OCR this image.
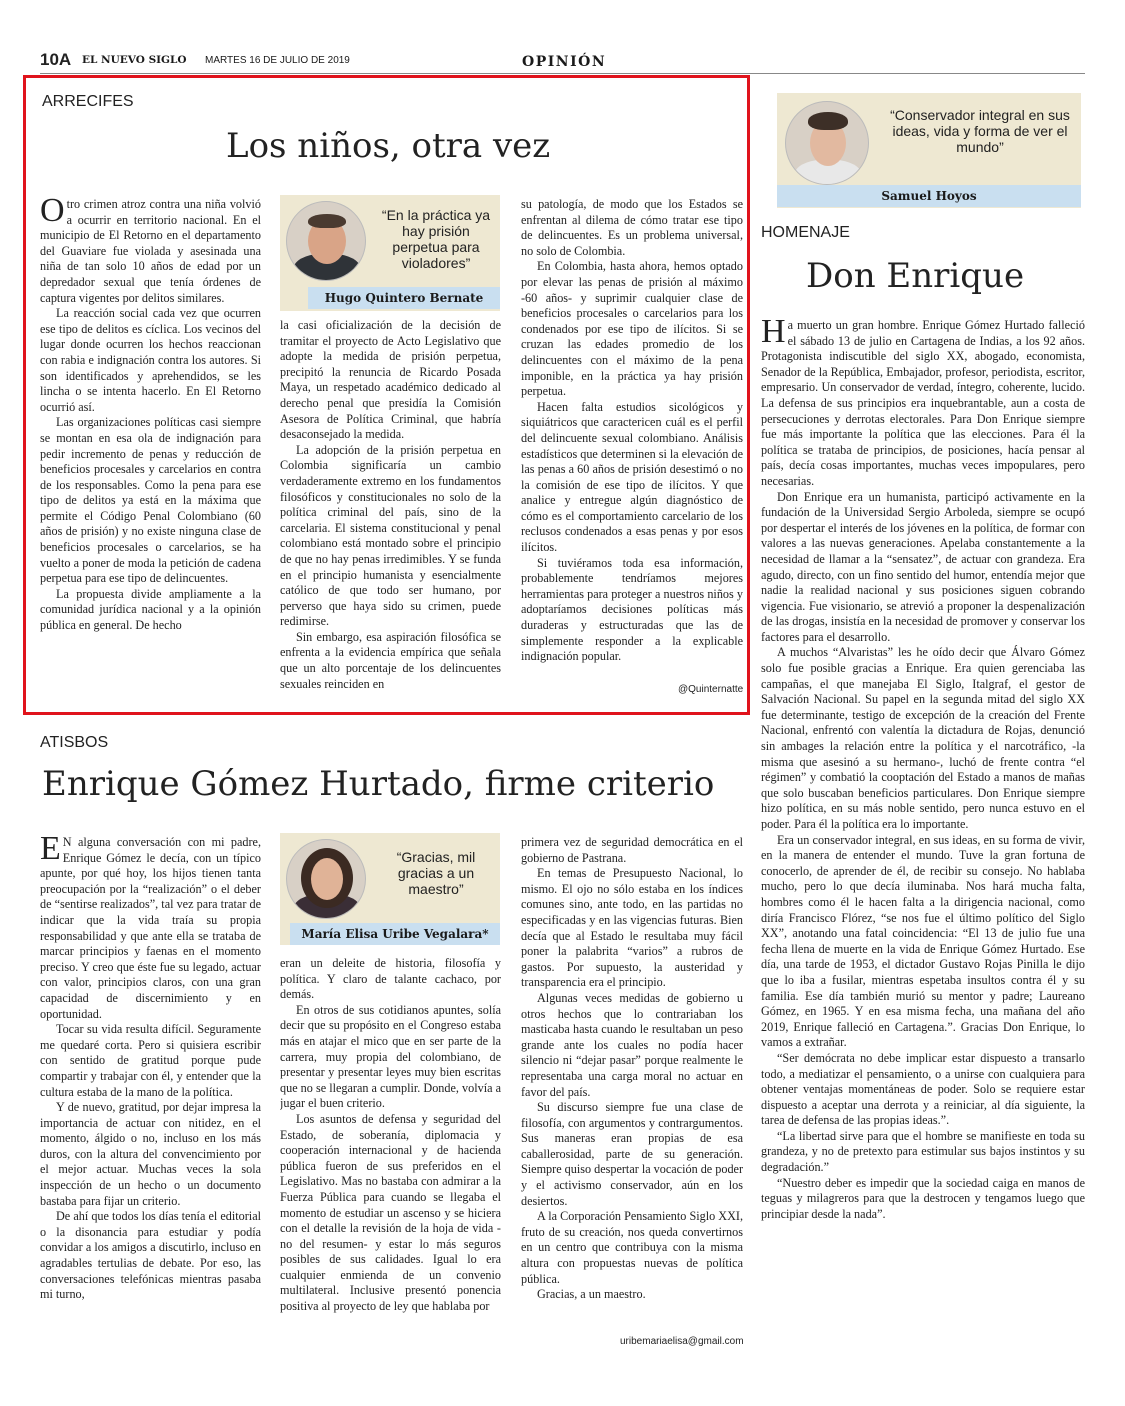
10A EL NUEVO SIGLO MARTES 16 DE JULIO DE 2019	OPINIÓN
ARRECIFES
Los niños, otra vez

Otro crimen atroz contra una niña volvió a ocurrir en territorio nacional. En el municipio de El Retorno en el departamento del Guaviare fue violada y asesinada una niña de tan solo 10 años de edad por un depredador sexual que tenía órdenes de captura vigentes por delitos similares.

La reacción social cada vez que ocurren ese tipo de delitos es cíclica. Los vecinos del lugar donde ocurren los hechos reaccionan con rabia e indignación contra los autores. Si son identificados y aprehendidos, se les lincha o se intenta hacerlo. En El Retorno ocurrió así.

Las organizaciones políticas casi siempre se montan en esa ola de indignación para pedir incremento de penas y reducción de beneficios procesales y carcelarios en contra de los responsables. Como la pena para ese tipo de delitos ya está en la máxima que permite el Código Penal Colombiano (60 años de prisión) y no existe ninguna clase de beneficios procesales o carcelarios, se ha vuelto a poner de moda la petición de cadena perpetua para ese tipo de delincuentes.

La propuesta divide ampliamente a la comunidad jurídica nacional y a la opinión pública en general. De hecho

“En la práctica ya hay prisión perpetua para violadores”
Hugo Quintero Bernate

la casi oficialización de la decisión de tramitar el proyecto de Acto Legislativo que adopte la medida de prisión perpetua, precipitó la renuncia de Ricardo Posada Maya, un respetado académico dedicado al derecho penal que presidía la Comisión Asesora de Política Criminal, que habría desaconsejado la medida.

La adopción de la prisión perpetua en Colombia significaría un cambio verdaderamente extremo en los fundamentos filosóficos y constitucionales no solo de la política criminal del país, sino de la carcelaria. El sistema constitucional y penal colombiano está montado sobre el principio de que no hay penas irredimibles. Y se funda en el principio humanista y esencialmente católico de que todo ser humano, por perverso que haya sido su crimen, puede redimirse.

Sin embargo, esa aspiración filosófica se enfrenta a la evidencia empírica que señala que un alto porcentaje de los delincuentes sexuales reinciden en

su patología, de modo que los Estados se enfrentan al dilema de cómo tratar ese tipo de delincuentes. Es un problema universal, no solo de Colombia.

En Colombia, hasta ahora, hemos optado por elevar las penas de prisión al máximo -60 años- y suprimir cualquier clase de beneficios procesales o carcelarios para los condenados por ese tipo de ilícitos. Si se cruzan las edades promedio de los delincuentes con el máximo de la pena imponible, en la práctica ya hay prisión perpetua.

Hacen falta estudios sicológicos y siquiátricos que caractericen cuál es el perfil del delincuente sexual colombiano. Análisis estadísticos que determinen si la elevación de las penas a 60 años de prisión desestimó o no la comisión de ese tipo de ilícitos. Y que analice y entregue algún diagnóstico de cómo es el comportamiento carcelario de los reclusos condenados a esas penas y por esos ilícitos.

Si tuviéramos toda esa información, probablemente tendríamos mejores herramientas para proteger a nuestros niños y adoptaríamos decisiones políticas más duraderas y estructuradas que las de simplemente responder a la explicable indignación popular.

@Quinternatte
ATISBOS
Enrique Gómez Hurtado, firme criterio

E N alguna conversación con mi padre, Enrique Gómez le decía, con un típico apunte, por qué hoy, los hijos tienen tanta preocupación por la “realización” o el deber de “sentirse realizados”, tal vez para tratar de indicar que la vida traía su propia responsabilidad y que ante ella se trataba de marcar principios y faenas en el momento preciso. Y creo que éste fue su legado, actuar con valor, principios claros, con una gran capacidad de discernimiento y en oportunidad.

Tocar su vida resulta difícil. Seguramente me quedaré corta. Pero si quisiera escribir con sentido de gratitud porque pude compartir y trabajar con él, y entender que la cultura estaba de la mano de la política.

Y de nuevo, gratitud, por dejar impresa la importancia de actuar con nitidez, en el momento, álgido o no, incluso en los más duros, con la altura del convencimiento por el mejor actuar. Muchas veces la sola inspección de un hecho o un documento bastaba para fijar un criterio.

De ahí que todos los días tenía el editorial o la disonancia para estudiar y podía convidar a los amigos a discutirlo, incluso en agradables tertulias de debate. Por eso, las conversaciones telefónicas mientras pasaba mi turno,

“Gracias, mil gracias a un maestro”
María Elisa Uribe Vegalara*

eran un deleite de historia, filosofía y política. Y claro de talante cachaco, por demás.

En otros de sus cotidianos apuntes, solía decir que su propósito en el Congreso estaba más en atajar el mico que en ser parte de la carrera, muy propia del colombiano, de presentar y presentar leyes muy bien escritas que no se llegaran a cumplir. Donde, volvía a jugar el buen criterio.

Los asuntos de defensa y seguridad del Estado, de soberanía, diplomacia y cooperación internacional y de hacienda pública fueron de sus preferidos en el Legislativo. Mas no bastaba con admirar a la Fuerza Pública para cuando se llegaba el momento de estudiar un ascenso y se hiciera con el detalle la revisión de la hoja de vida -no del resumen- y estar lo más seguros posibles de sus calidades. Igual lo era cualquier enmienda de un convenio multilateral. Inclusive presentó ponencia positiva al proyecto de ley que hablaba por

primera vez de seguridad democrática en el gobierno de Pastrana.

En temas de Presupuesto Nacional, lo mismo. El ojo no sólo estaba en los índices comunes sino, ante todo, en las partidas no especificadas y en las vigencias futuras. Bien decía que al Estado le resultaba muy fácil poner la palabrita “varios” a rubros de gastos. Por supuesto, la austeridad y transparencia era el principio.

Algunas veces medidas de gobierno u otros hechos que lo contrariaban los masticaba hasta cuando le resultaban un peso grande ante los cuales no podía hacer silencio ni “dejar pasar” porque realmente le representaba una carga moral no actuar en favor del país.

Su discurso siempre fue una clase de filosofía, con argumentos y contrargumentos. Sus maneras eran propias de esa caballerosidad, parte de su generación. Siempre quiso despertar la vocación de poder y el activismo conservador, aún en los desiertos.

A la Corporación Pensamiento Siglo XXI, fruto de su creación, nos queda convertirnos en un centro que contribuya con la misma altura con propuestas nuevas de política pública.

Gracias, a un maestro.

uribemariaelisa@gmail.com
“Conservador integral en sus ideas, vida y forma de ver el mundo”
Samuel Hoyos
HOMENAJE
Don Enrique

Ha muerto un gran hombre. Enrique Gómez Hurtado falleció el sábado 13 de julio en Cartagena de Indias, a los 92 años. Protagonista indiscutible del siglo XX, abogado, economista, Senador de la República, Embajador, profesor, periodista, escritor, empresario. Un conservador de verdad, íntegro, coherente, lucido. La defensa de sus principios era inquebrantable, aun a costa de persecuciones y derrotas electorales. Para Don Enrique siempre fue más importante la política que las elecciones. Para él la política se trataba de principios, de posiciones, hacía pensar al país, decía cosas importantes, muchas veces impopulares, pero necesarias.

Don Enrique era un humanista, participó activamente en la fundación de la Universidad Sergio Arboleda, siempre se ocupó por despertar el interés de los jóvenes en la política, de formar con valores a las nuevas generaciones. Apelaba constantemente a la necesidad de llamar a la “sensatez”, de actuar con grandeza. Era agudo, directo, con un fino sentido del humor, entendía mejor que nadie la realidad nacional y sus posiciones siguen cobrando vigencia. Fue visionario, se atrevió a proponer la despenalización de las drogas, insistía en la necesidad de promover y conservar los factores para el desarrollo.

A muchos “Alvaristas” les he oído decir que Álvaro Gómez solo fue posible gracias a Enrique. Era quien gerenciaba las campañas, el que manejaba El Siglo, Italgraf, el gestor de Salvación Nacional. Su papel en la segunda mitad del siglo XX fue determinante, testigo de excepción de la creación del Frente Nacional, enfrentó con valentía la dictadura de Rojas, denunció sin ambages la relación entre la política y el narcotráfico, -la misma que asesinó a su hermano-, luchó de frente contra “el régimen” y combatió la cooptación del Estado a manos de mañas que solo buscaban beneficios particulares. Don Enrique siempre hizo política, en su más noble sentido, pero nunca estuvo en el poder. Para él la política era lo importante.

Era un conservador integral, en sus ideas, en su forma de vivir, en la manera de entender el mundo. Tuve la gran fortuna de conocerlo, de aprender de él, de recibir su consejo. No hablaba mucho, pero lo que decía iluminaba. Nos hará mucha falta, hombres como él le hacen falta a la dirigencia nacional, como diría Francisco Flórez, “se nos fue el último político del Siglo XX”, anotando una fatal coincidencia: “El 13 de julio fue una fecha llena de muerte en la vida de Enrique Gómez Hurtado. Ese día, una tarde de 1953, el dictador Gustavo Rojas Pinilla le dijo que lo iba a fusilar, mientras espetaba insultos contra él y su familia. Ese día también murió su mentor y padre; Laureano Gómez, en 1965. Y en esa misma fecha, una mañana del año 2019, Enrique falleció en Cartagena.”. Gracias Don Enrique, lo vamos a extrañar.

“Ser demócrata no debe implicar estar dispuesto a transarlo todo, a mediatizar el pensamiento, o a unirse con cualquiera para obtener ventajas momentáneas de poder. Solo se requiere estar dispuesto a aceptar una derrota y a reiniciar, al día siguiente, la tarea de defensa de las propias ideas.”.

“La libertad sirve para que el hombre se manifieste en toda su grandeza, y no de pretexto para estimular sus bajos instintos y su degradación.”

“Nuestro deber es impedir que la sociedad caiga en manos de teguas y milagreros para que la destrocen y tengamos luego que principiar desde la nada”.
